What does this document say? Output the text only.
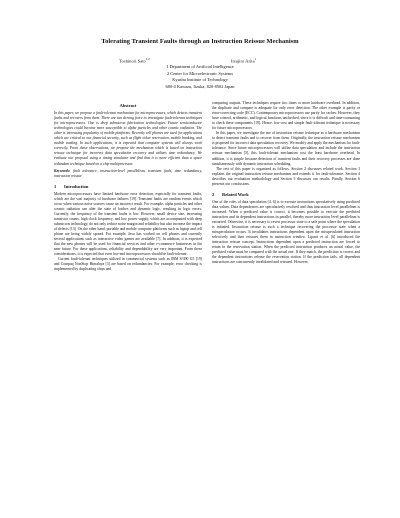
Tolerating Transient Faults through an Instruction Reissue Mechanism
Toshinori Sato$^{1,2}$	Itsujiro Arita$^1$
1 Department of Artificial Intelligence
2 Center for Microelectronic Systems
Kyushu Institute of Technology
680-4 Kawazu, Iizuka, 820-8502 Japan
Abstract

In this paper, we propose a fault-tolerant mechanism for microprocessors, which detects transient faults and recovers from them. There are two driving force to investigate fault-tolerant techniques for microprocessors. One is deep submicron fabrication technologies. Future semiconductor technologies could become more susceptible to alpha particles and other cosmic radiation. The other is increasing popularity of mobile platforms. Recently cell phones are used for applications which are critical to our financial security, such as flight ticket reservation, mobile banking, and mobile trading. In such applications, it is expected that computer systems will always work correctly. From these observations, we propose the mechanism which is based on instruction reissue technique for incorrect data speculation recovery and utilizes time redundancy. We evaluate our proposal using a timing simulator and find that it is more efficient than a space redundant technique based on a chip multiprocessor.

Keywords: fault tolerance, instruction-level parallelism, transient fault, time redundancy, instruction reissue
1 Introduction

Modern microprocessors have limited hardware error detection, especially for transient faults, which are the vast majority of hardware failures [19]. Transient faults are random events which occur when various noise sources cause an incorrect result. For example, alpha particles and other cosmic radiation can alter the state of latches and dynamic logic, resulting in logic errors. Currently, the frequency of the transient faults is low. However, small device size, increasing transistor counts, high clock frequency, and low power supply, which are accompanied with deep submicron technology, do not only reduce noise margin and reliability but also increase the impact of defects [13]. On the other hand, portable and mobile computer platforms such as laptop and cell phone are being widely spread. For example, Java has worked on cell phones and currently several applications such as interactive video games are available [7]. In addition, it is expected that the new phones will be used for financial services and other e-commerce businesses in the near future. For these applications, reliability and dependability are very important. From these considerations, it is expected that even low-end microprocessors should be fault-tolerant.

Current fault-tolerant techniques utilized in commercial systems such as IBM S/390 G5 [19] and Compaq NonStop Himalaya [3] are based on redundancies. For example, error checking is implemented by duplicating chips and

comparing outputs. These techniques require two times or more hardware overhead. In addition, the duplicate and compare is adequate for only error detection. The other example is parity or error-correcting code (ECC). Contemporary microprocessors use parity for caches. However, they have control, arithmetic, and logical functions unchecked, since it is difficult and time-consuming to check these components [19]. Hence, low-cost and simple fault-tolerant technique is necessary for future microprocessors.

In this paper, we investigate the use of instruction reissue technique as a hardware mechanism to detect transient faults and to recover from them. Originally, the instruction reissue mechanism is proposed for incorrect data speculation recovery. We modify and apply the mechanism for fault-tolerance. Since future microprocessors will utilize data speculation and include the instruction reissue mechanism [5], this fault-tolerant mechanism cost the least hardware overhead. In addition, it is simple because detection of transient faults and their recovery processes are done simultaneously with dynamic instruction scheduling.

The rest of this paper is organized as follows. Section 2 discusses related work. Section 3 explains the original instruction reissue mechanism and extends it for fault-tolerance. Section 4 describes our evaluation methodology and Section 5 discusses our results. Finally, Section 6 presents our conclusions.

2 Related Work

One of the roles of data speculation [4, 6] is to execute instructions speculatively using predicted data values. Data dependences are speculatively resolved and thus instruction level parallelism is increased. When a predicted value is correct, it becomes possible to execute the predicted instruction and its dependent instructions in parallel, thereby more instruction level parallelism is extracted. Otherwise, it is necessary to revert processor state to a safe point where the speculation is initiated. Instruction reissue is such a technique recovering the processor state when a misspeculation occurs. It invalidates instructions dependent upon the misspeculated instruction selectively and then reissues them in instruction window. Lipasti et al. [6] introduced the instruction reissue concept. Instructions dependent upon a predicted instruction are forced to retain in the reservation station. When the predicted instruction produces an actual value, the predicted value must be compared with the actual one. If they match, the prediction is correct and the dependent instructions release the reservation station. If the prediction fails, all dependent instructions are concurrently invalidated and reissued. However,
